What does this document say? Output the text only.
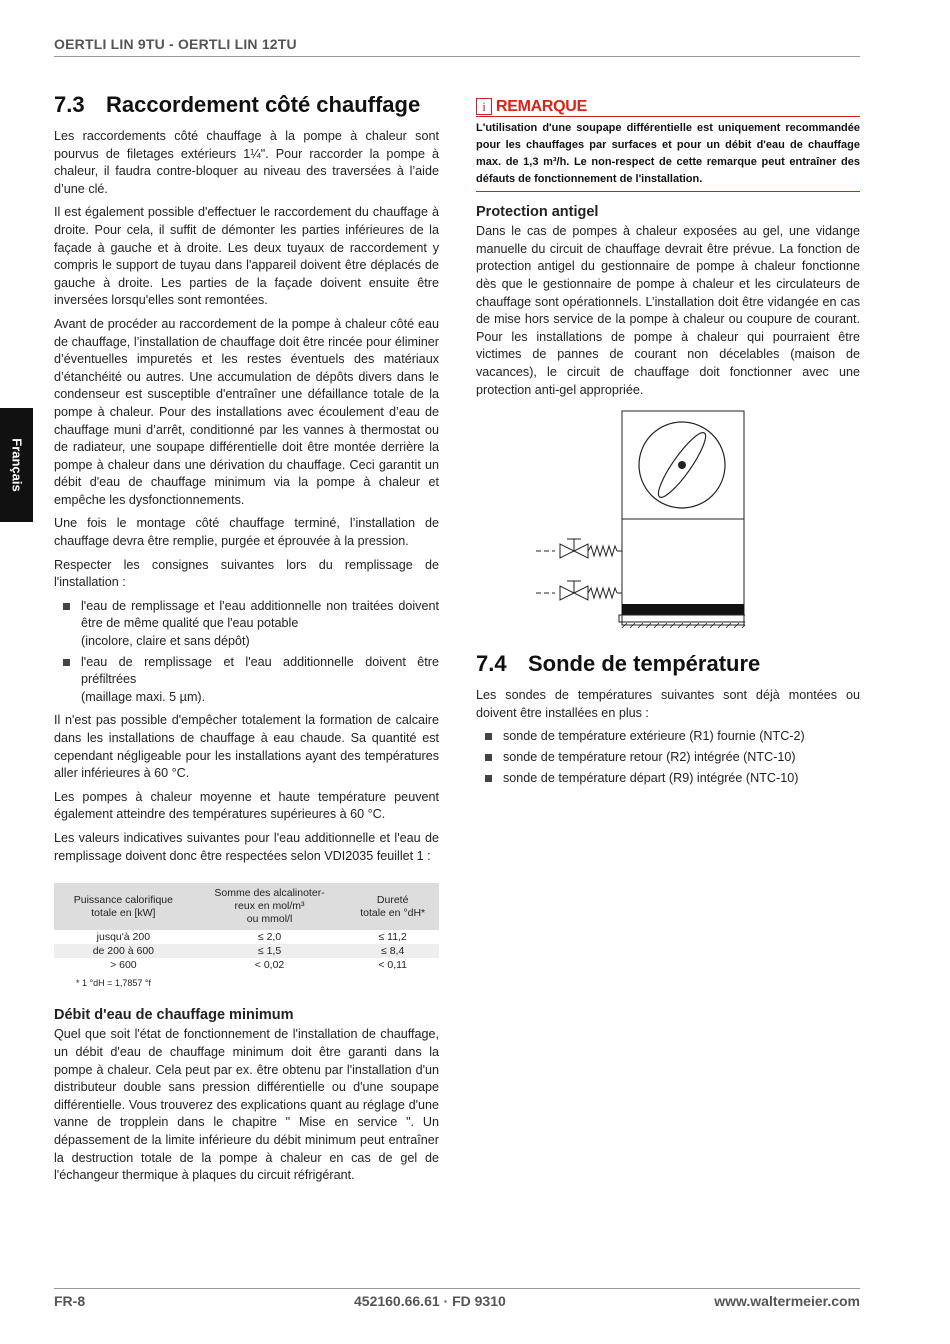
OERTLI LIN 9TU - OERTLI LIN 12TU
Français
7.3 Raccordement côté chauffage

Les raccordements côté chauffage à la pompe à chaleur sont pourvus de filetages extérieurs 1¼". Pour raccorder la pompe à chaleur, il faudra contre-bloquer au niveau des traversées à l’aide d’une clé.

Il est également possible d'effectuer le raccordement du chauffage à droite. Pour cela, il suffit de démonter les parties inférieures de la façade à gauche et à droite. Les deux tuyaux de raccordement y compris le support de tuyau dans l'appareil doivent être déplacés de gauche à droite. Les parties de la façade doivent ensuite être inversées lorsqu'elles sont remontées.

Avant de procéder au raccordement de la pompe à chaleur côté eau de chauffage, l’installation de chauffage doit être rincée pour éliminer d’éventuelles impuretés et les restes éventuels des matériaux d’étanchéité ou autres. Une accumulation de dépôts divers dans le condenseur est susceptible d'entraîner une défaillance totale de la pompe à chaleur. Pour des installations avec écoulement d’eau de chauffage muni d’arrêt, conditionné par les vannes à thermostat ou de radiateur, une soupape différentielle doit être montée derrière la pompe à chaleur dans une dérivation du chauffage. Ceci garantit un débit d'eau de chauffage minimum via la pompe à chaleur et empêche les dysfonctionnements.

Une fois le montage côté chauffage terminé, l’installation de chauffage devra être remplie, purgée et éprouvée à la pression.

Respecter les consignes suivantes lors du remplissage de l'installation :

l'eau de remplissage et l'eau additionnelle non traitées doivent être de même qualité que l'eau potable
(incolore, claire et sans dépôt)
l'eau de remplissage et l'eau additionnelle doivent être préfiltrées
(maillage maxi. 5 µm).

Il n'est pas possible d'empêcher totalement la formation de calcaire dans les installations de chauffage à eau chaude. Sa quantité est cependant négligeable pour les installations ayant des températures aller inférieures à 60 °C.

Les pompes à chaleur moyenne et haute température peuvent également atteindre des températures supérieures à 60 °C.

Les valeurs indicatives suivantes pour l'eau additionnelle et l'eau de remplissage doivent donc être respectées selon VDI2035 feuillet 1 :

Puissance calorifique
totale en [kW]	Somme des alcalinoter-
reux en mol/m³
ou mmol/l	Dureté
totale en °dH*
jusqu'à 200	≤ 2,0	≤ 11,2
de 200 à 600	≤ 1,5	≤ 8,4
> 600	< 0,02	< 0,11
* 1 °dH = 1,7857 °f
Débit d'eau de chauffage minimum

Quel que soit l'état de fonctionnement de l'installation de chauffage, un débit d'eau de chauffage minimum doit être garanti dans la pompe à chaleur. Cela peut par ex. être obtenu par l'installation d'un distributeur double sans pression différentielle ou d'une soupape différentielle. Vous trouverez des explications quant au réglage d'une vanne de tropplein dans le chapitre " Mise en service ". Un dépassement de la limite inférieure du débit minimum peut entraîner la destruction totale de la pompe à chaleur en cas de gel de l'échangeur thermique à plaques du circuit réfrigérant.

i REMARQUE
L'utilisation d'une soupape différentielle est uniquement recommandée pour les chauffages par surfaces et pour un débit d'eau de chauffage max. de 1,3 m³/h. Le non-respect de cette remarque peut entraîner des défauts de fonctionnement de l'installation.
Protection antigel

Dans le cas de pompes à chaleur exposées au gel, une vidange manuelle du circuit de chauffage devrait être prévue. La fonction de protection antigel du gestionnaire de pompe à chaleur fonctionne dès que le gestionnaire de pompe à chaleur et les circulateurs de chauffage sont opérationnels. L’installation doit être vidangée en cas de mise hors service de la pompe à chaleur ou coupure de courant. Pour les installations de pompe à chaleur qui pourraient être victimes de pannes de courant non décelables (maison de vacances), le circuit de chauffage doit fonctionner avec une protection anti-gel appropriée.

7.4 Sonde de température

Les sondes de températures suivantes sont déjà montées ou doivent être installées en plus :

sonde de température extérieure (R1) fournie (NTC-2)
sonde de température retour (R2) intégrée (NTC-10)
sonde de température départ (R9) intégrée (NTC-10)
FR-8	452160.66.61 · FD 9310	www.waltermeier.com
